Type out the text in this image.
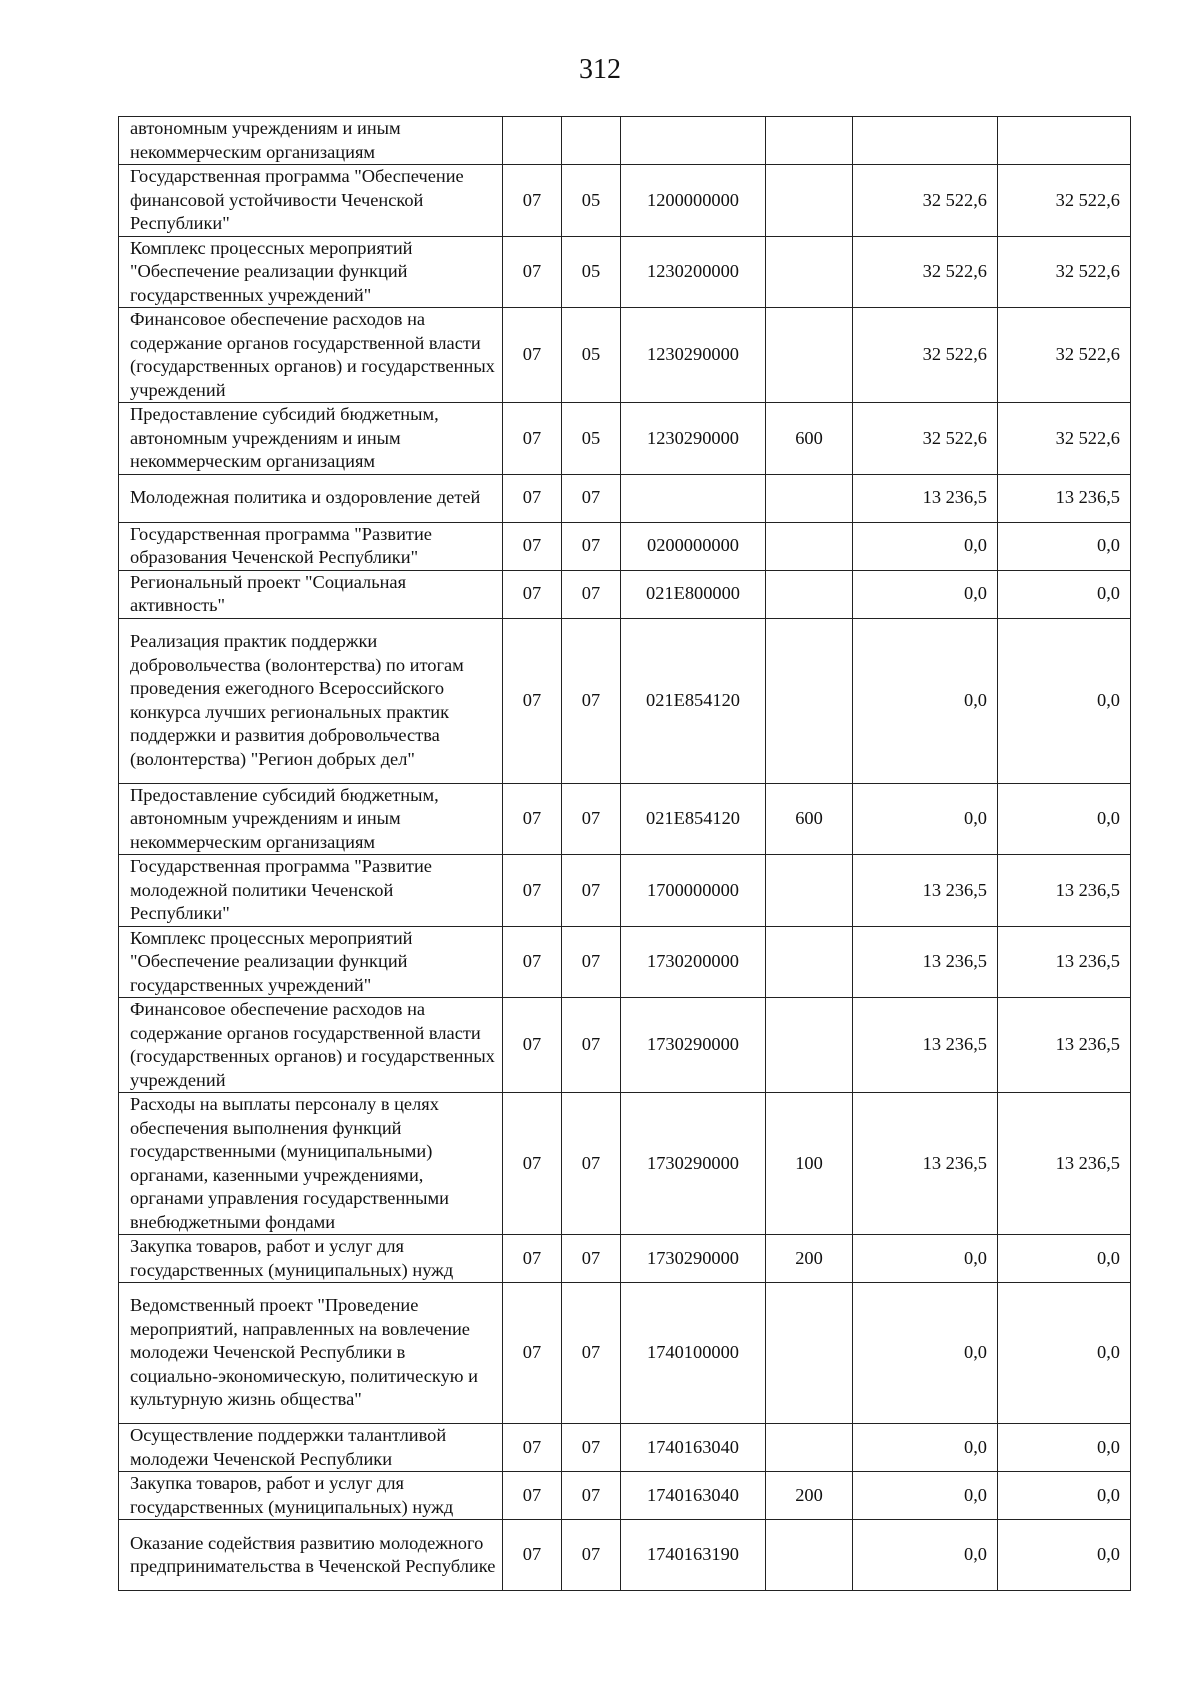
312
автономным учреждениям и иным некоммерческим организациям						
Государственная программа "Обеспечение финансовой устойчивости Чеченской Республики"	07	05	1200000000		32 522,6	32 522,6
Комплекс процессных мероприятий "Обеспечение реализации функций государственных учреждений"	07	05	1230200000		32 522,6	32 522,6
Финансовое обеспечение расходов на содержание органов государственной власти (государственных органов) и государственных учреждений	07	05	1230290000		32 522,6	32 522,6
Предоставление субсидий бюджетным, автономным учреждениям и иным некоммерческим организациям	07	05	1230290000	600	32 522,6	32 522,6
Молодежная политика и оздоровление детей	07	07			13 236,5	13 236,5
Государственная программа "Развитие образования Чеченской Республики"	07	07	0200000000		0,0	0,0
Региональный проект "Социальная активность"	07	07	021E800000		0,0	0,0
Реализация практик поддержки добровольчества (волонтерства) по итогам проведения ежегодного Всероссийского конкурса лучших региональных практик поддержки и развития добровольчества (волонтерства) "Регион добрых дел"	07	07	021E854120		0,0	0,0
Предоставление субсидий бюджетным, автономным учреждениям и иным некоммерческим организациям	07	07	021E854120	600	0,0	0,0
Государственная программа "Развитие молодежной политики Чеченской Республики"	07	07	1700000000		13 236,5	13 236,5
Комплекс процессных мероприятий "Обеспечение реализации функций государственных учреждений"	07	07	1730200000		13 236,5	13 236,5
Финансовое обеспечение расходов на содержание органов государственной власти (государственных органов) и государственных учреждений	07	07	1730290000		13 236,5	13 236,5
Расходы на выплаты персоналу в целях обеспечения выполнения функций государственными (муниципальными) органами, казенными учреждениями, органами управления государственными внебюджетными фондами	07	07	1730290000	100	13 236,5	13 236,5
Закупка товаров, работ и услуг для государственных (муниципальных) нужд	07	07	1730290000	200	0,0	0,0
Ведомственный проект "Проведение мероприятий, направленных на вовлечение молодежи Чеченской Республики в социально-экономическую, политическую и культурную жизнь общества"	07	07	1740100000		0,0	0,0
Осуществление поддержки талантливой молодежи Чеченской Республики	07	07	1740163040		0,0	0,0
Закупка товаров, работ и услуг для государственных (муниципальных) нужд	07	07	1740163040	200	0,0	0,0
Оказание содействия развитию молодежного предпринимательства в Чеченской Республике	07	07	1740163190		0,0	0,0
